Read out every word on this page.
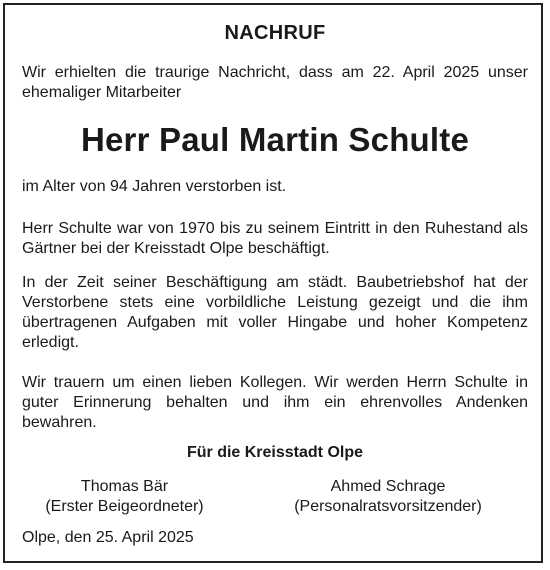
NACHRUF
Wir erhielten die traurige Nachricht, dass am 22. April 2025 unser ehemaliger Mitarbeiter
Herr Paul Martin Schulte
im Alter von 94 Jahren verstorben ist.
Herr Schulte war von 1970 bis zu seinem Eintritt in den Ruhestand als Gärtner bei der Kreisstadt Olpe beschäftigt.
In der Zeit seiner Beschäftigung am städt. Baubetriebshof hat der Verstorbene stets eine vorbildliche Leistung gezeigt und die ihm übertragenen Aufgaben mit voller Hingabe und hoher Kompetenz erledigt.
Wir trauern um einen lieben Kollegen. Wir werden Herrn Schulte in guter Erinnerung behalten und ihm ein ehrenvolles Andenken bewahren.
Für die Kreisstadt Olpe
Thomas Bär
(Erster Beigeordneter)
Ahmed Schrage
(Personalratsvorsitzender)
Olpe, den 25. April 2025
